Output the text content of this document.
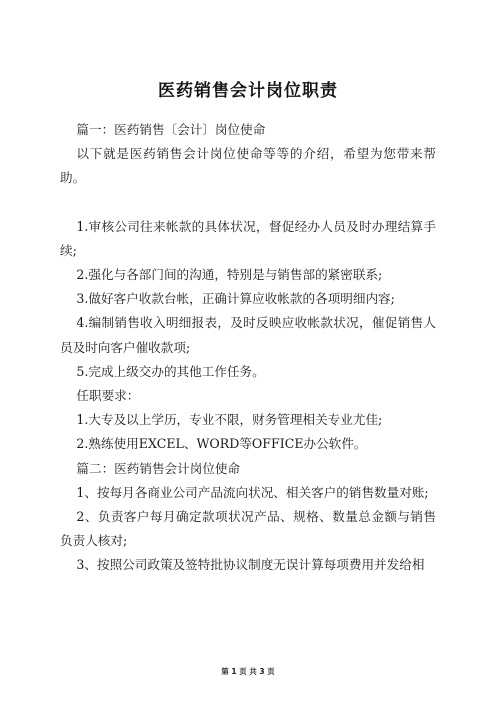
医药销售会计岗位职责

篇一：医药销售〔会计〕岗位使命

以下就是医药销售会计岗位使命等等的介绍，希望为您带来帮助。

1.审核公司往来帐款的具体状况，督促经办人员及时办理结算手续;

2.强化与各部门间的沟通，特别是与销售部的紧密联系;

3.做好客户收款台帐，正确计算应收帐款的各项明细内容;

4.编制销售收入明细报表，及时反映应收帐款状况，催促销售人员及时向客户催收款项;

5.完成上级交办的其他工作任务。

任职要求：

1.大专及以上学历，专业不限，财务管理相关专业尤佳;

2.熟练使用EXCEL、WORD等OFFICE办公软件。

篇二：医药销售会计岗位使命

1、按每月各商业公司产品流向状况、相关客户的销售数量对账;

2、负责客户每月确定款项状况产品、规格、数量总金额与销售负责人核对;

3、按照公司政策及签特批协议制度无误计算每项费用并发给相

第 1 页 共 3 页
